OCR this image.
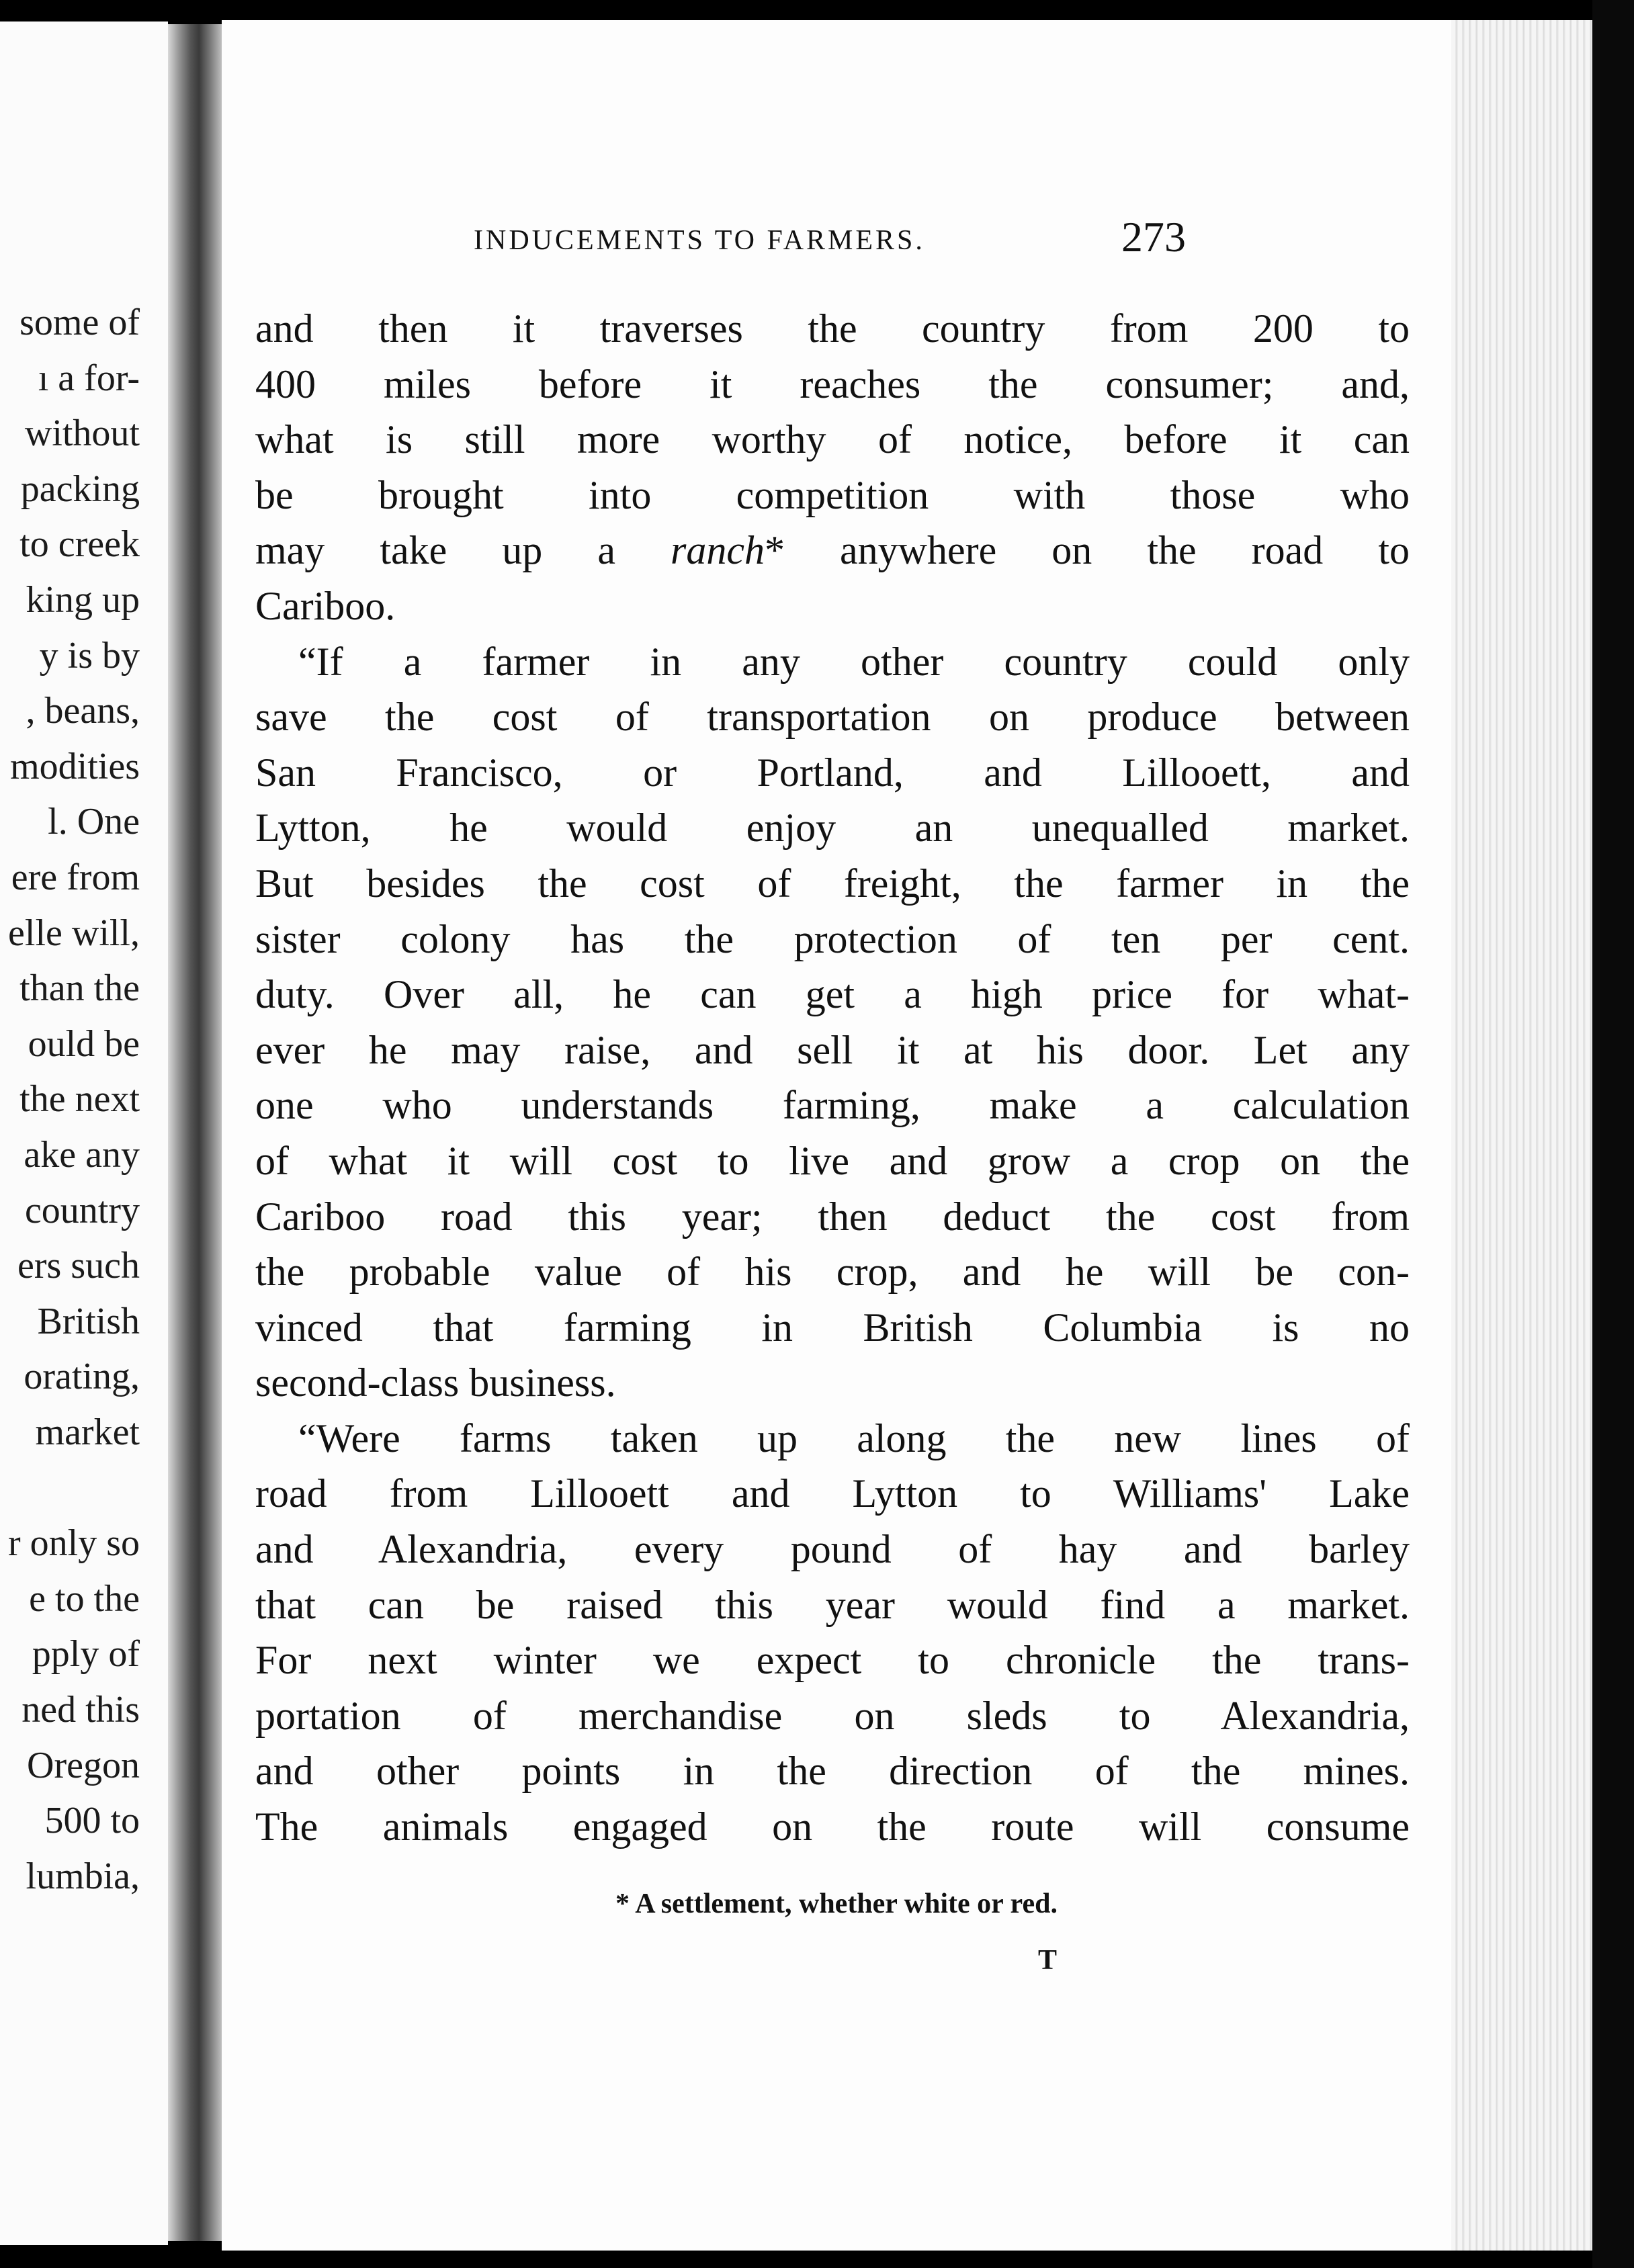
some of
ı a for-
without
packing
to creek
king up
y is by
, beans,
modities
l. One
ere from
elle will,
than the
ould be
the next
ake any
country
ers such
British
orating,
market
r only so
e to the
pply of
ned this
Oregon
500 to
lumbia,
INDUCEMENTS TO FARMERS.	273
and then it traverses the country from 200 to
400 miles before it reaches the consumer; and,
what is still more worthy of notice, before it can
be brought into competition with those who
may take up a ranch* anywhere on the road to
Cariboo.
“If a farmer in any other country could only
save the cost of transportation on produce between
San Francisco, or Portland, and Lillooett, and
Lytton, he would enjoy an unequalled market.
But besides the cost of freight, the farmer in the
sister colony has the protection of ten per cent.
duty. Over all, he can get a high price for what-
ever he may raise, and sell it at his door. Let any
one who understands farming, make a calculation
of what it will cost to live and grow a crop on the
Cariboo road this year; then deduct the cost from
the probable value of his crop, and he will be con-
vinced that farming in British Columbia is no
second-class business.
“Were farms taken up along the new lines of
road from Lillooett and Lytton to Williams' Lake
and Alexandria, every pound of hay and barley
that can be raised this year would find a market.
For next winter we expect to chronicle the trans-
portation of merchandise on sleds to Alexandria,
and other points in the direction of the mines.
The animals engaged on the route will consume
* A settlement, whether white or red.
T
